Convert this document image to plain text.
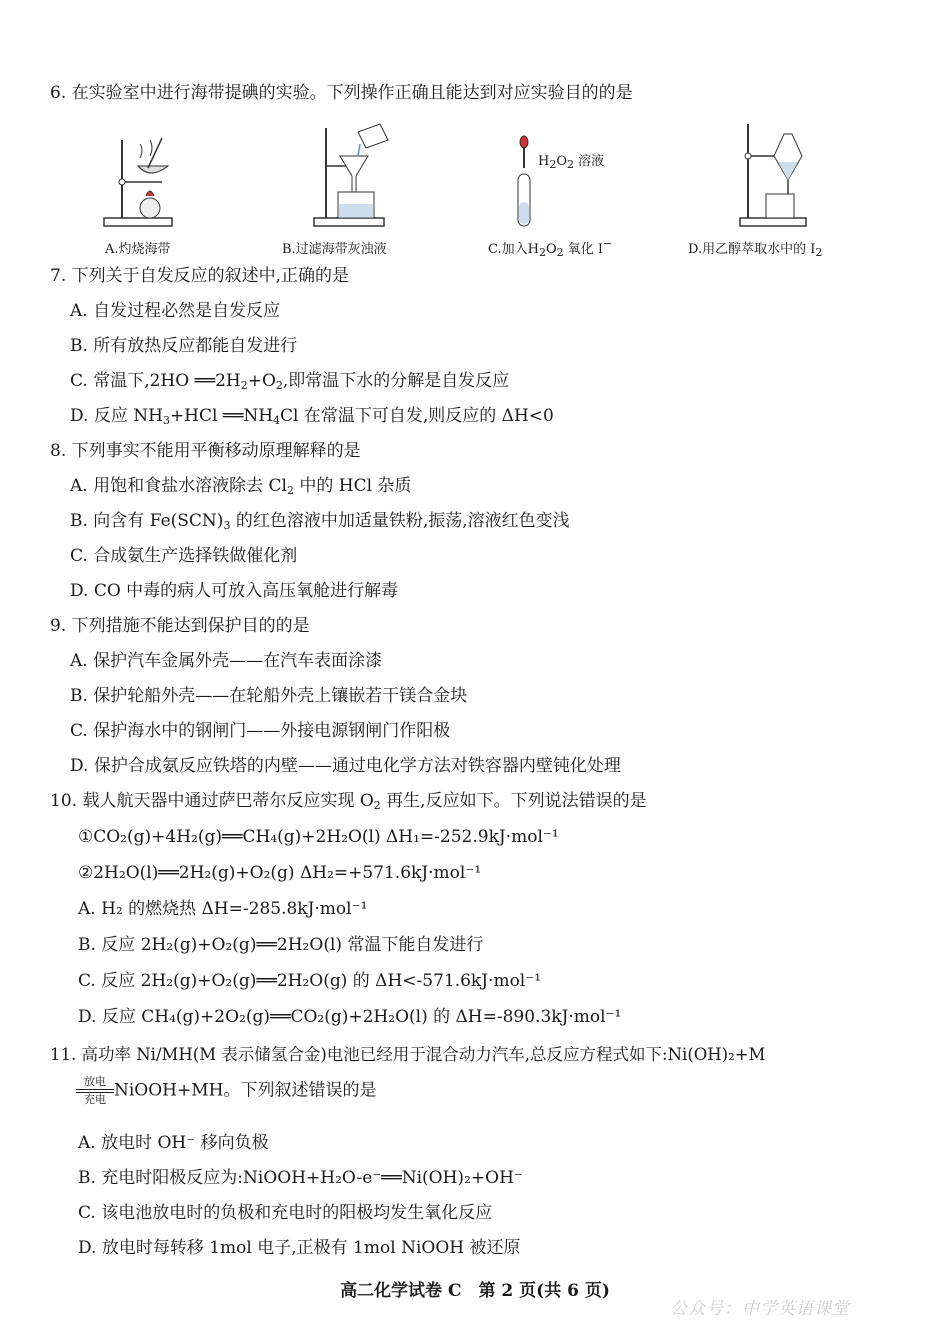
6. 在实验室中进行海带提碘的实验。下列操作正确且能达到对应实验目的的是
$H_2O_2$ 溶液
A.灼烧海带	B.过滤海带灰浊液	C.加入$H_2O_2$ 氧化 I−	D.用乙醇萃取水中的 $I_2$
7. 下列关于自发反应的叙述中,正确的是
A. 自发过程必然是自发反应
B. 所有放热反应都能自发进行
C. 常温下,2HO $══2H_2+O_2$,即常温下水的分解是自发反应
D. 反应 $NH_3+HCl$ $══NH_4Cl$ 在常温下可自发,则反应的 ΔH<0
8. 下列事实不能用平衡移动原理解释的是
A. 用饱和食盐水溶液除去 $Cl_2$ 中的 HCl 杂质
B. 向含有 $Fe(SCN)_3$ 的红色溶液中加适量铁粉,振荡,溶液红色变浅
C. 合成氨生产选择铁做催化剂
D. CO 中毒的病人可放入高压氧舱进行解毒
9. 下列措施不能达到保护目的的是
A. 保护汽车金属外壳——在汽车表面涂漆
B. 保护轮船外壳——在轮船外壳上镶嵌若干镁合金块
C. 保护海水中的钢闸门——外接电源钢闸门作阳极
D. 保护合成氨反应铁塔的内壁——通过电化学方法对铁容器内壁钝化处理
10. 载人航天器中通过萨巴蒂尔反应实现 $O_2$ 再生,反应如下。下列说法错误的是
①CO₂(g)+4H₂(g)══CH₄(g)+2H₂O(l) ΔH₁=-252.9kJ·mol⁻¹
②2H₂O(l)══2H₂(g)+O₂(g) ΔH₂=+571.6kJ·mol⁻¹
A. H₂ 的燃烧热 ΔH=-285.8kJ·mol⁻¹
B. 反应 2H₂(g)+O₂(g)══2H₂O(l) 常温下能自发进行
C. 反应 2H₂(g)+O₂(g)══2H₂O(g) 的 ΔH<-571.6kJ·mol⁻¹
D. 反应 CH₄(g)+2O₂(g)══CO₂(g)+2H₂O(l) 的 ΔH=-890.3kJ·mol⁻¹
11. 高功率 Ni/MH(M 表示储氢合金)电池已经用于混合动力汽车,总反应方程式如下:Ni(OH)₂+M
放电
充电 NiOOH+MH。下列叙述错误的是
A. 放电时 OH⁻ 移向负极
B. 充电时阳极反应为:NiOOH+H₂O-e⁻══Ni(OH)₂+OH⁻
C. 该电池放电时的负极和充电时的阳极均发生氧化反应
D. 放电时每转移 1mol 电子,正极有 1mol NiOOH 被还原
高二化学试卷 C　第 2 页(共 6 页)
公众号：中学英语课堂
